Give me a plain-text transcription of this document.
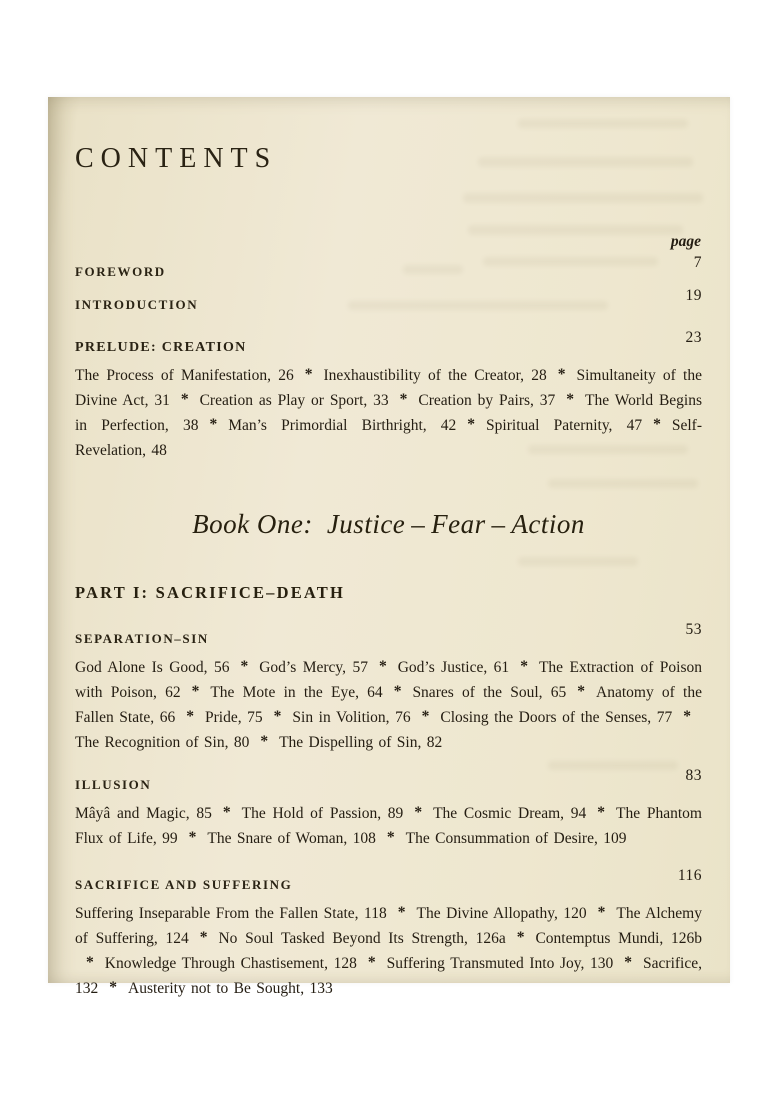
CONTENTS
page
FOREWORD
7
INTRODUCTION
19
PRELUDE: CREATION
23
The Process of Manifestation, 26 * Inexhaustibility of the Creator, 28 * Simultaneity of the Divine Act, 31 * Creation as Play or Sport, 33 * Creation by Pairs, 37 * The World Begins in Perfection, 38 * Man’s Primordial Birthright, 42 * Spiritual Paternity, 47 * Self-Revelation, 48
Book One: Justice – Fear – Action
PART I: SACRIFICE–DEATH
SEPARATION–SIN
53
God Alone Is Good, 56 * God’s Mercy, 57 * God’s Justice, 61 * The Extraction of Poison with Poison, 62 * The Mote in the Eye, 64 * Snares of the Soul, 65 * Anatomy of the Fallen State, 66 * Pride, 75 * Sin in Volition, 76 * Closing the Doors of the Senses, 77 *The Recognition of Sin, 80 * The Dispelling of Sin, 82
ILLUSION
83
Mâyâ and Magic, 85 * The Hold of Passion, 89 * The Cosmic Dream, 94 * The Phantom Flux of Life, 99 * The Snare of Woman, 108 * The Consummation of Desire, 109
SACRIFICE AND SUFFERING
116
Suffering Inseparable From the Fallen State, 118 * The Divine Allopathy, 120 * The Alchemy of Suffering, 124 * No Soul Tasked Beyond Its Strength, 126a * Contemptus Mundi, 126b* Knowledge Through Chastisement, 128 * Suffering Transmuted Into Joy, 130 * Sacrifice, 132 * Austerity not to Be Sought, 133
